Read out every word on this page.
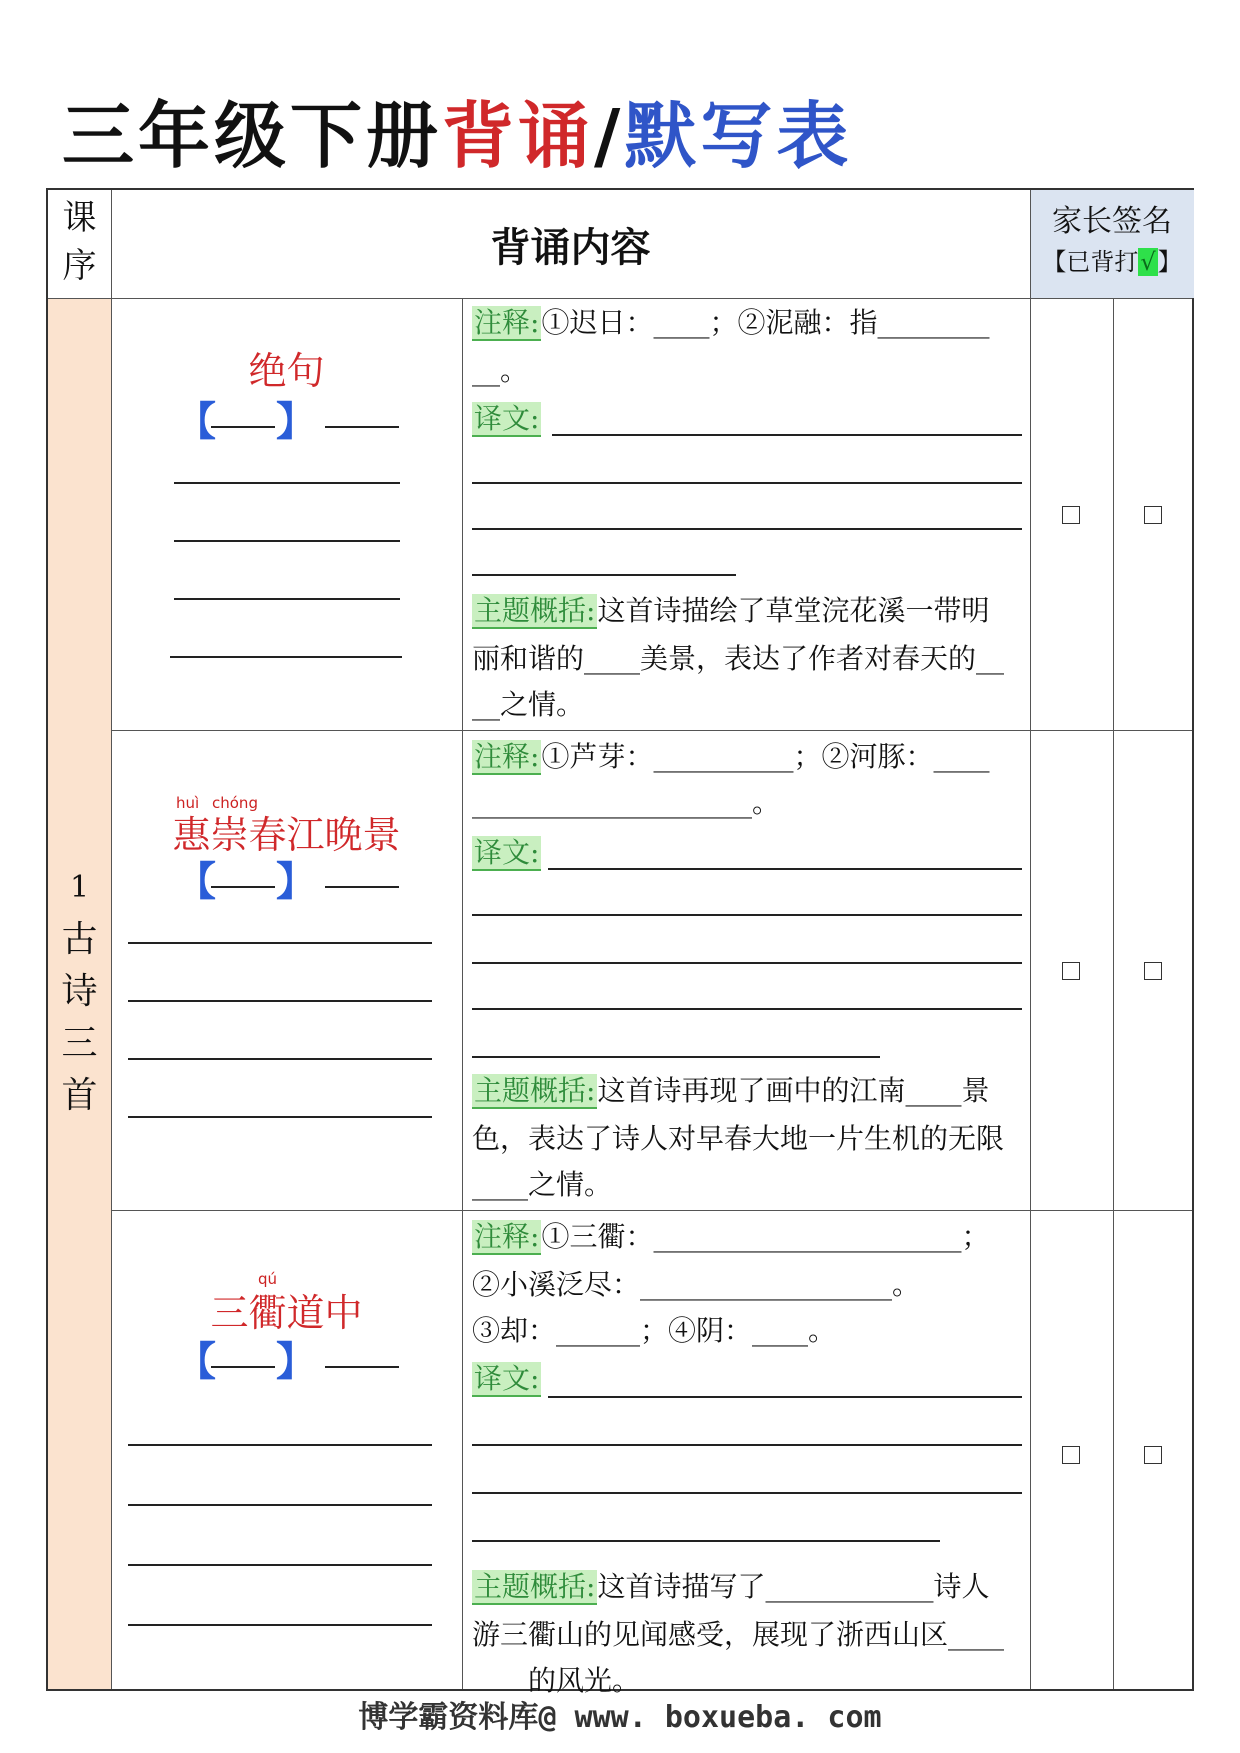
三年级下册背诵/默写表
课
序	背诵内容
家长签名
【已背打√】
1
古
诗
三
首
绝句
【 】
注释:①迟日：____；②泥融：指________
__。
译文:
主题概括:这首诗描绘了草堂浣花溪一带明
丽和谐的____美景，表达了作者对春天的__
__之情。
huì chóng
惠崇春江晚景
【 】
注释:①芦芽：__________；②河豚：____
____________________。
译文:
主题概括:这首诗再现了画中的江南____景
色，表达了诗人对早春大地一片生机的无限
____之情。
qú
三衢道中
【 】
注释:①三衢：______________________；
②小溪泛尽：__________________。
③却：______；④阴：____。
译文:
主题概括:这首诗描写了____________诗人
游三衢山的见闻感受，展现了浙西山区____
的风光。
博学霸资料库@ www. boxueba. com
